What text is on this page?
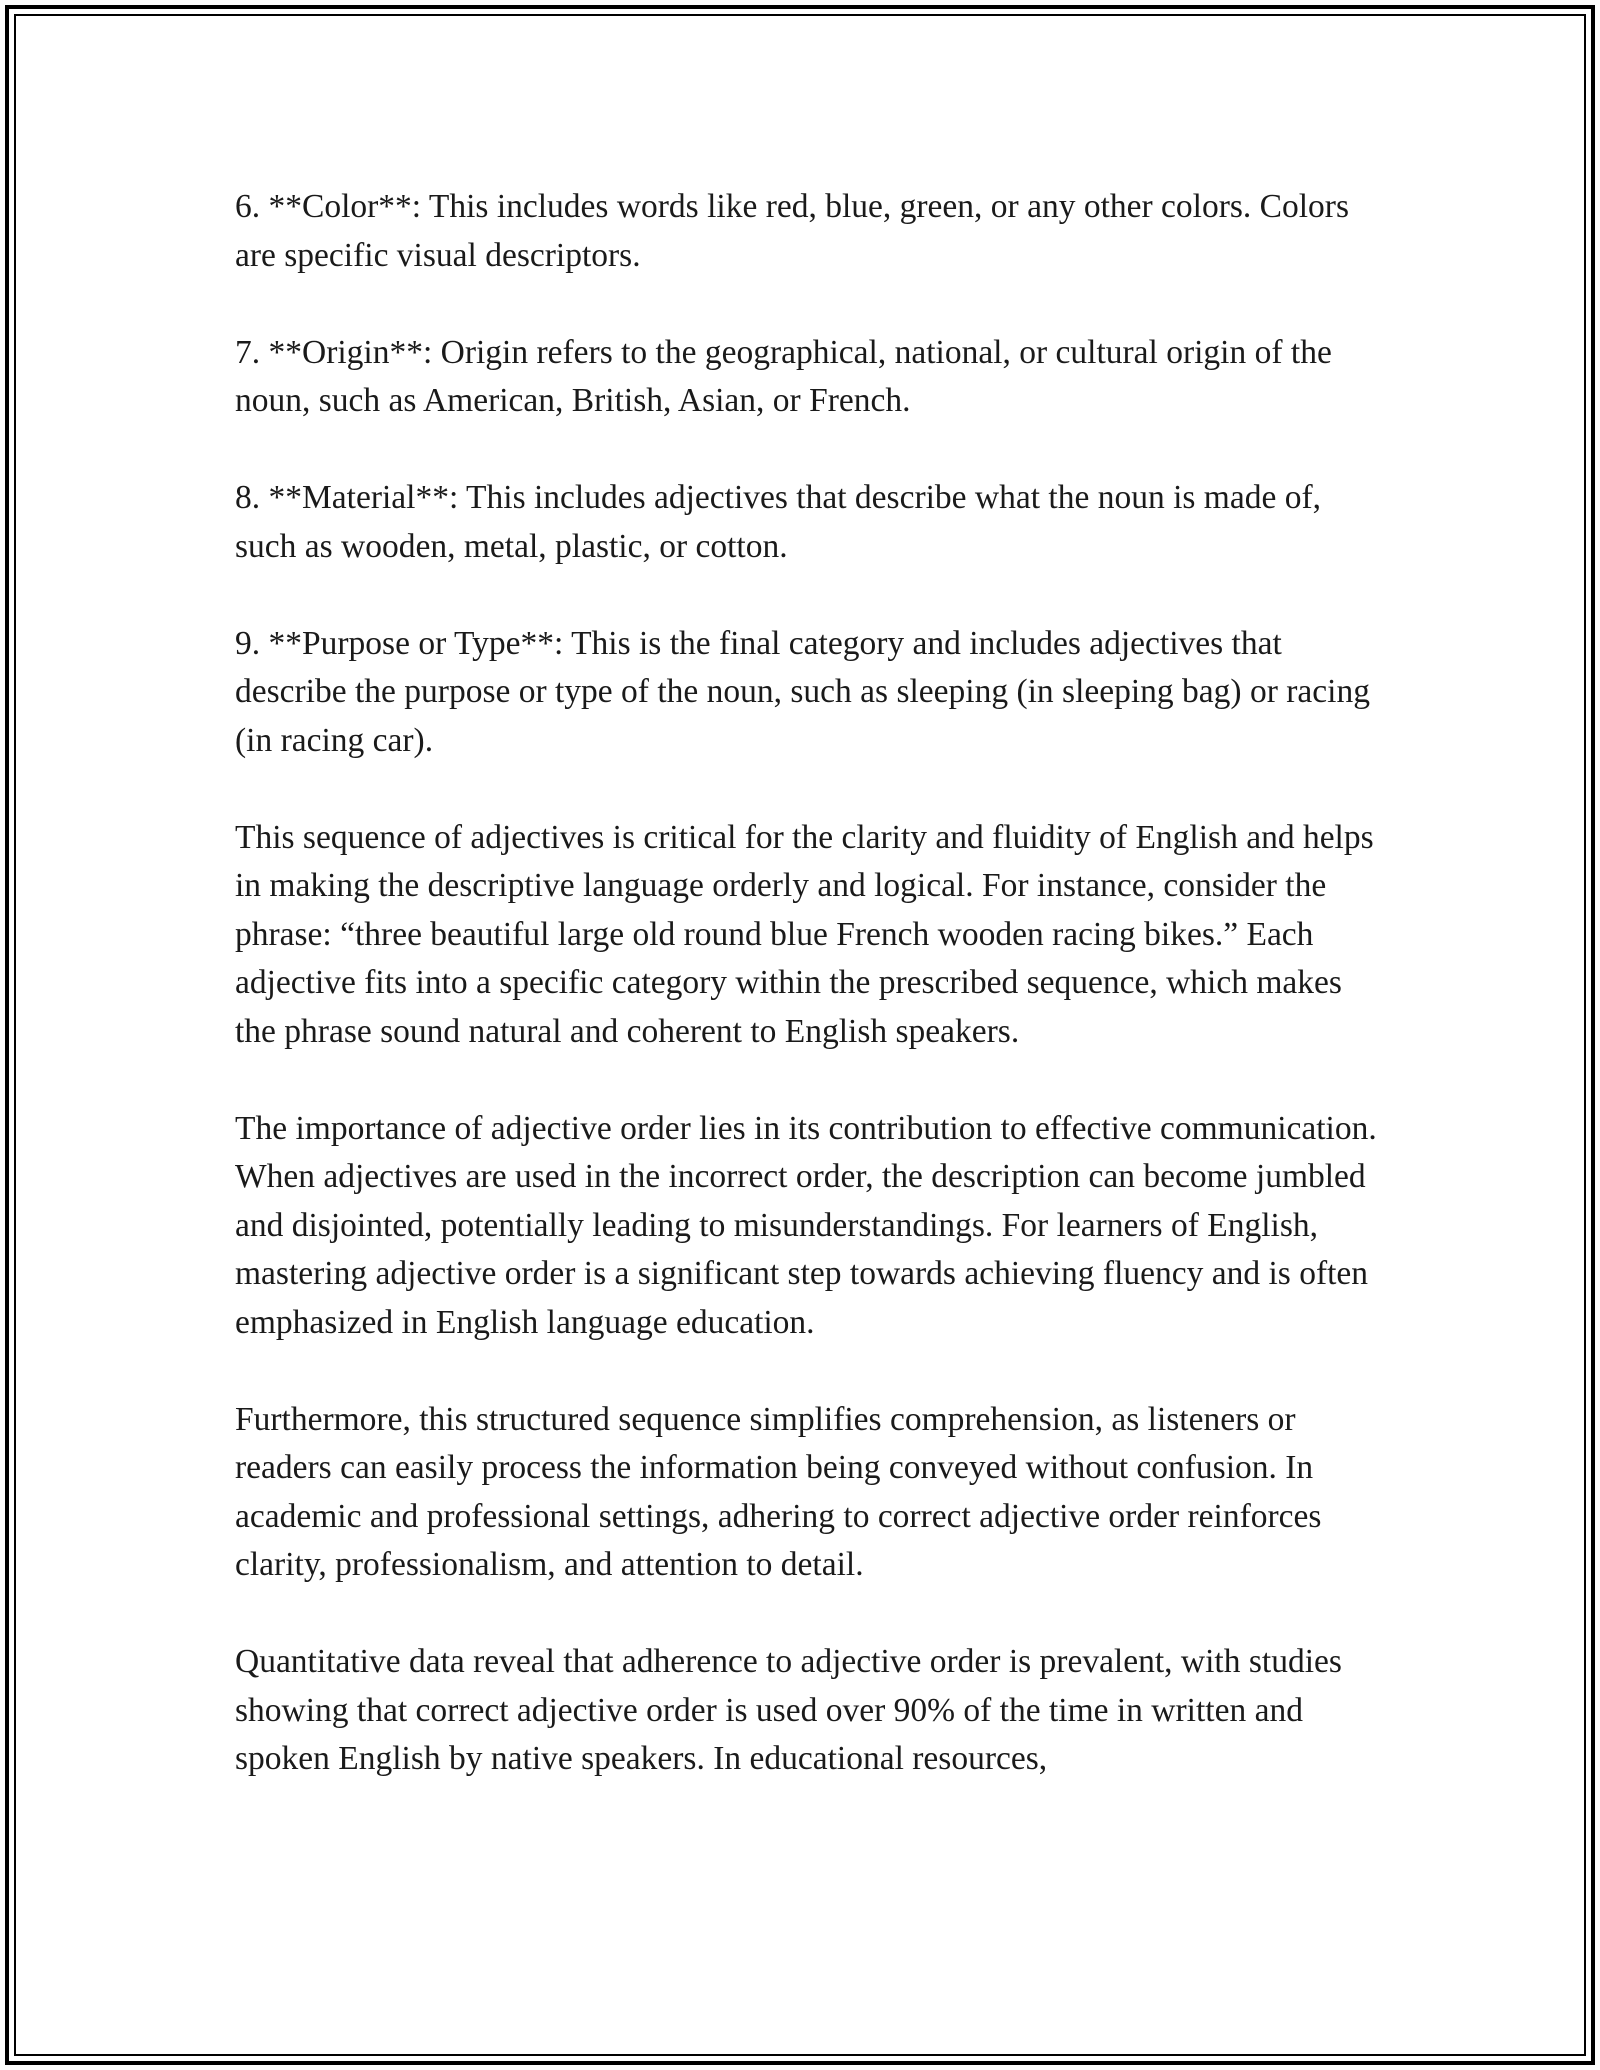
6. **Color**: This includes words like red, blue, green, or any other colors. Colors are specific visual descriptors.

7. **Origin**: Origin refers to the geographical, national, or cultural origin of the noun, such as American, British, Asian, or French.

8. **Material**: This includes adjectives that describe what the noun is made of, such as wooden, metal, plastic, or cotton.

9. **Purpose or Type**: This is the final category and includes adjectives that describe the purpose or type of the noun, such as sleeping (in sleeping bag) or racing (in racing car).

This sequence of adjectives is critical for the clarity and fluidity of English and helps in making the descriptive language orderly and logical. For instance, consider the phrase: “three beautiful large old round blue French wooden racing bikes.” Each adjective fits into a specific category within the prescribed sequence, which makes the phrase sound natural and coherent to English speakers.

The importance of adjective order lies in its contribution to effective communication. When adjectives are used in the incorrect order, the description can become jumbled and disjointed, potentially leading to misunderstandings. For learners of English, mastering adjective order is a significant step towards achieving fluency and is often emphasized in English language education.

Furthermore, this structured sequence simplifies comprehension, as listeners or readers can easily process the information being conveyed without confusion. In academic and professional settings, adhering to correct adjective order reinforces clarity, professionalism, and attention to detail.

Quantitative data reveal that adherence to adjective order is prevalent, with studies showing that correct adjective order is used over 90% of the time in written and spoken English by native speakers. In educational resources,
